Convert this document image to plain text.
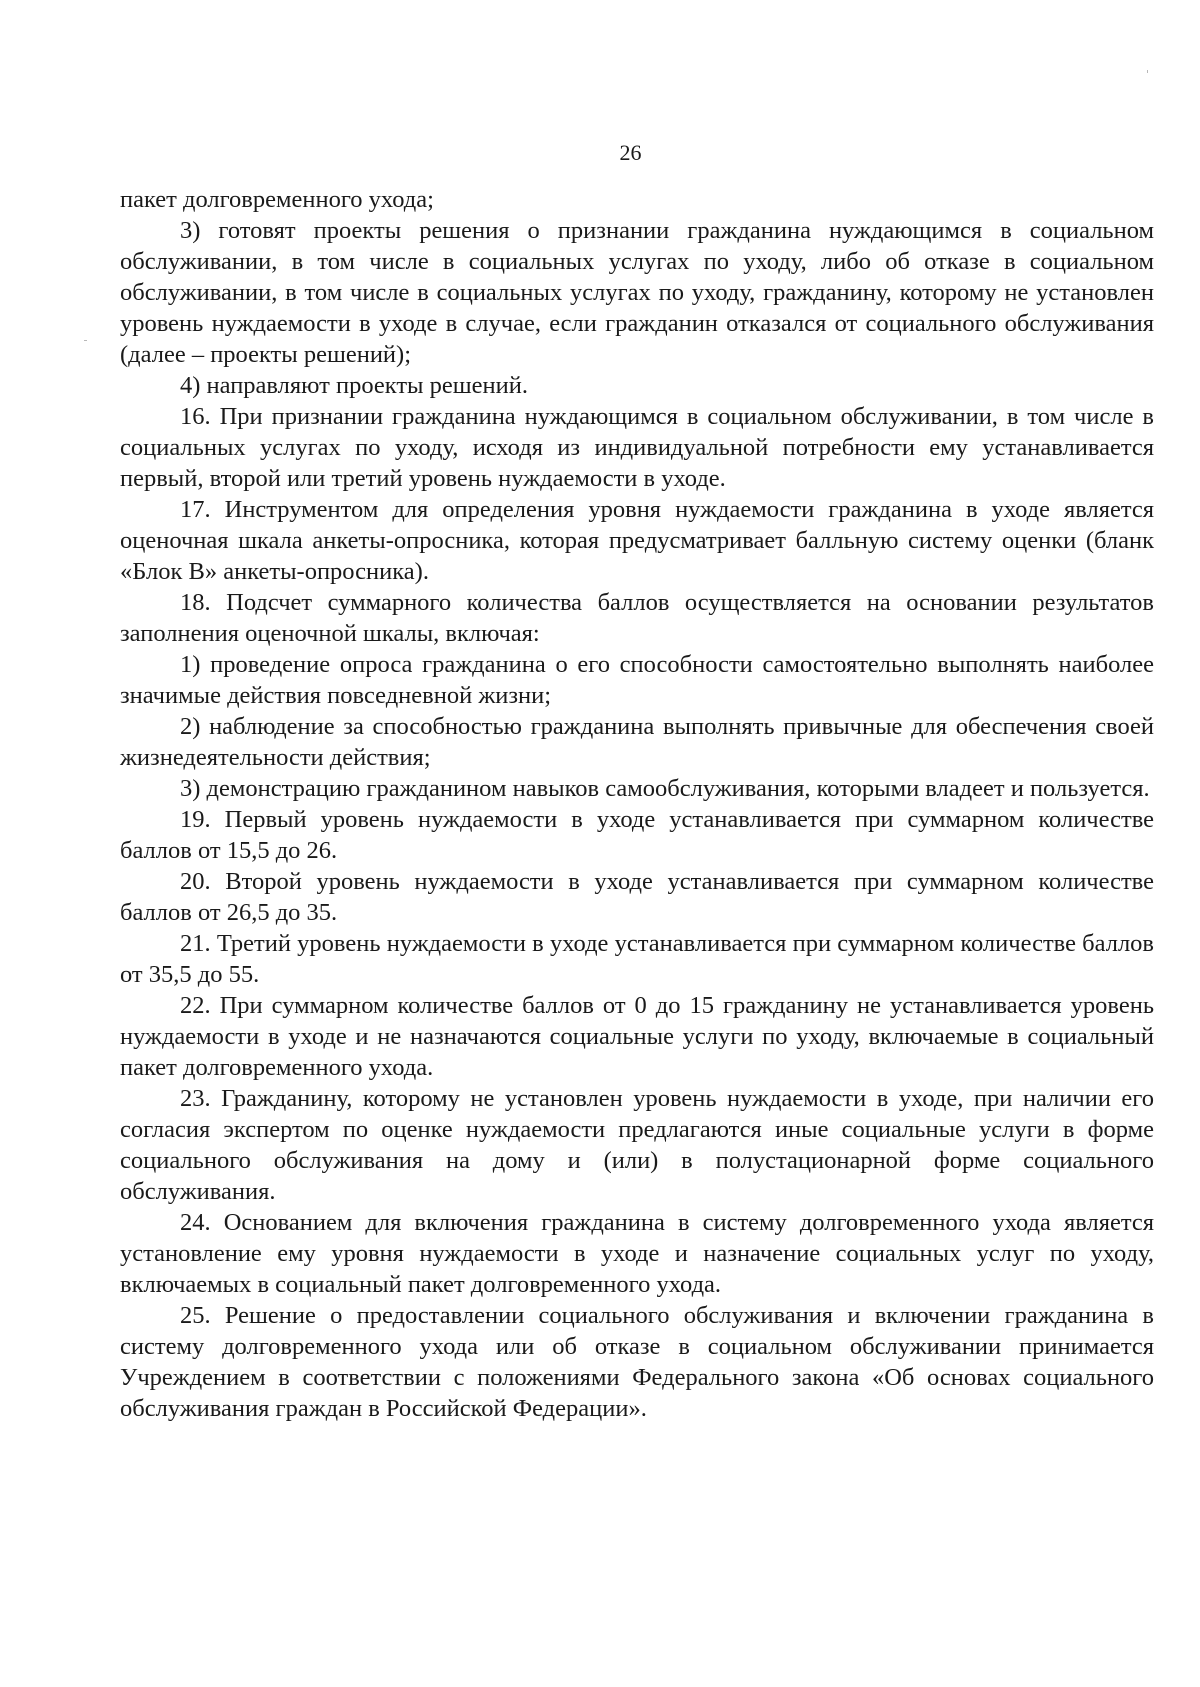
26

пакет долговременного ухода;

3) готовят проекты решения о признании гражданина нуждающимся в социальном обслуживании, в том числе в социальных услугах по уходу, либо об отказе в социальном обслуживании, в том числе в социальных услугах по уходу, гражданину, которому не установлен уровень нуждаемости в уходе в случае, если гражданин отказался от социального обслуживания (далее – проекты решений);

4) направляют проекты решений.

16. При признании гражданина нуждающимся в социальном обслуживании, в том числе в социальных услугах по уходу, исходя из индивидуальной потребности ему устанавливается первый, второй или третий уровень нуждаемости в уходе.

17. Инструментом для определения уровня нуждаемости гражданина в уходе является оценочная шкала анкеты-опросника, которая предусматривает балльную систему оценки (бланк «Блок В» анкеты-опросника).

18. Подсчет суммарного количества баллов осуществляется на основании результатов заполнения оценочной шкалы, включая:

1) проведение опроса гражданина о его способности самостоятельно выполнять наиболее значимые действия повседневной жизни;

2) наблюдение за способностью гражданина выполнять привычные для обеспечения своей жизнедеятельности действия;

3) демонстрацию гражданином навыков самообслуживания, которыми владеет и пользуется.

19. Первый уровень нуждаемости в уходе устанавливается при суммарном количестве баллов от 15,5 до 26.

20. Второй уровень нуждаемости в уходе устанавливается при суммарном количестве баллов от 26,5 до 35.

21. Третий уровень нуждаемости в уходе устанавливается при суммарном количестве баллов от 35,5 до 55.

22. При суммарном количестве баллов от 0 до 15 гражданину не устанавливается уровень нуждаемости в уходе и не назначаются социальные услуги по уходу, включаемые в социальный пакет долговременного ухода.

23. Гражданину, которому не установлен уровень нуждаемости в уходе, при наличии его согласия экспертом по оценке нуждаемости предлагаются иные социальные услуги в форме социального обслуживания на дому и (или) в полустационарной форме социального обслуживания.

24. Основанием для включения гражданина в систему долговременного ухода является установление ему уровня нуждаемости в уходе и назначение социальных услуг по уходу, включаемых в социальный пакет долговременного ухода.

25. Решение о предоставлении социального обслуживания и включении гражданина в систему долговременного ухода или об отказе в социальном обслуживании принимается Учреждением в соответствии с положениями Федерального закона «Об основах социального обслуживания граждан в Российской Федерации».
